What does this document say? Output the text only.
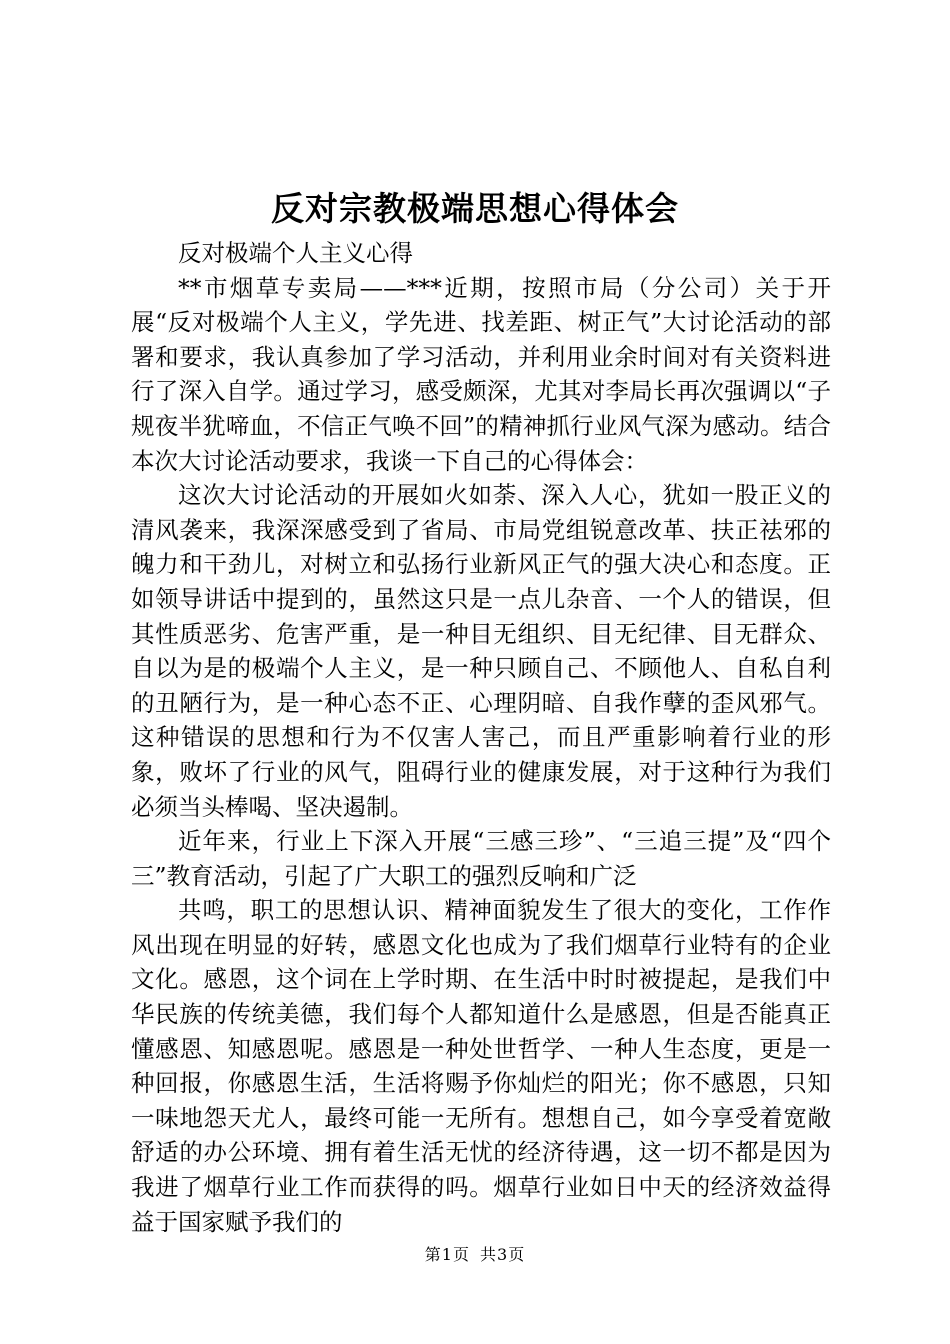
反对宗教极端思想心得体会

反对极端个人主义心得

**市烟草专卖局——***近期，按照市局（分公司）关于开展“反对极端个人主义，学先进、找差距、树正气”大讨论活动的部署和要求，我认真参加了学习活动，并利用业余时间对有关资料进行了深入自学。通过学习，感受颇深，尤其对李局长再次强调以“子规夜半犹啼血，不信正气唤不回”的精神抓行业风气深为感动。结合本次大讨论活动要求，我谈一下自己的心得体会：

这次大讨论活动的开展如火如荼、深入人心，犹如一股正义的清风袭来，我深深感受到了省局、市局党组锐意改革、扶正祛邪的魄力和干劲儿，对树立和弘扬行业新风正气的强大决心和态度。正如领导讲话中提到的，虽然这只是一点儿杂音、一个人的错误，但其性质恶劣、危害严重，是一种目无组织、目无纪律、目无群众、自以为是的极端个人主义，是一种只顾自己、不顾他人、自私自利的丑陋行为，是一种心态不正、心理阴暗、自我作孽的歪风邪气。这种错误的思想和行为不仅害人害己，而且严重影响着行业的形象，败坏了行业的风气，阻碍行业的健康发展，对于这种行为我们必须当头棒喝、坚决遏制。

近年来，行业上下深入开展“三感三珍”、“三追三提”及“四个三”教育活动，引起了广大职工的强烈反响和广泛

共鸣，职工的思想认识、精神面貌发生了很大的变化，工作作风出现在明显的好转，感恩文化也成为了我们烟草行业特有的企业文化。感恩，这个词在上学时期、在生活中时时被提起，是我们中华民族的传统美德，我们每个人都知道什么是感恩，但是否能真正懂感恩、知感恩呢。感恩是一种处世哲学、一种人生态度，更是一种回报，你感恩生活，生活将赐予你灿烂的阳光；你不感恩，只知一味地怨天尤人，最终可能一无所有。想想自己，如今享受着宽敞舒适的办公环境、拥有着生活无忧的经济待遇，这一切不都是因为我进了烟草行业工作而获得的吗。烟草行业如日中天的经济效益得益于国家赋予我们的

第1页 共3页
